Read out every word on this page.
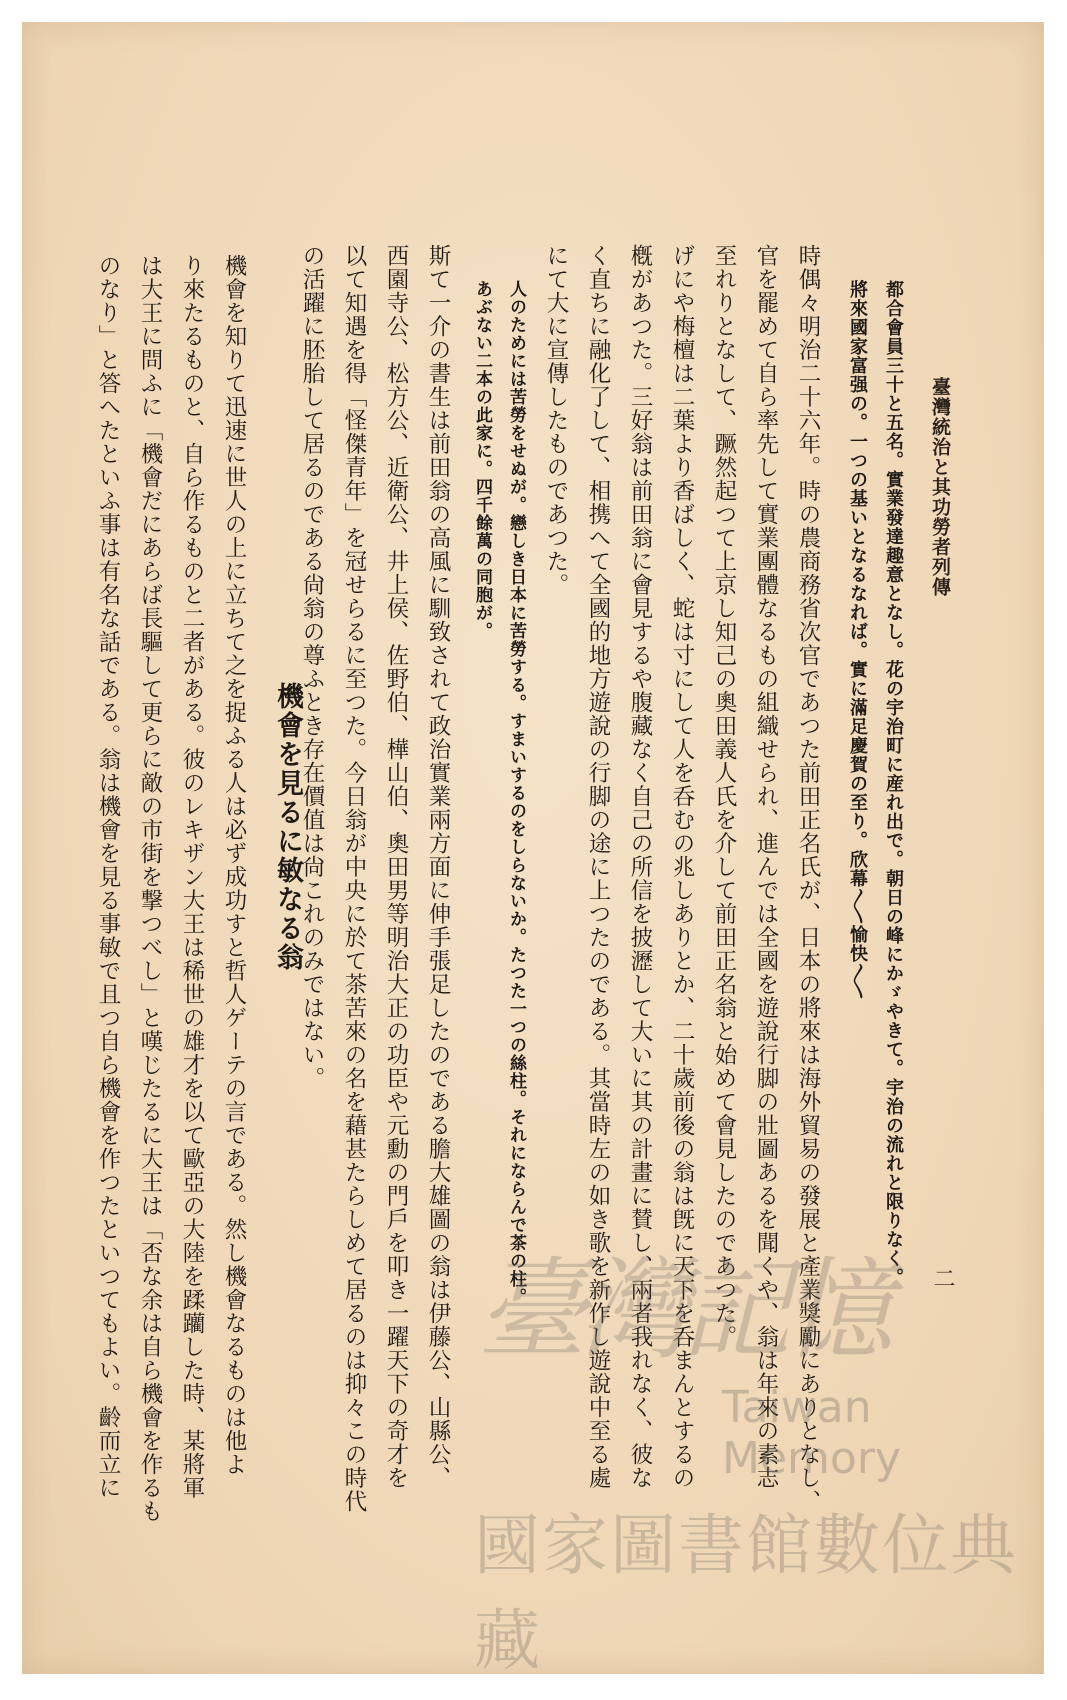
臺灣統治と其功勞者列傳
二
都合會員三十と五名。實業發達趣意となし。花の宇治町に産れ出で。朝日の峰にかゞやきて。宇治の流れと限りなく。
將來國家富强の。一つの基いとなるなれば。實に滿足慶賀の至り。欣幕〳〵愉快〳〵
時偶々明治二十六年。時の農商務省次官であつた前田正名氏が、日本の將來は海外貿易の發展と產業獎勵にありとなし、
官を罷めて自ら率先して實業團體なるもの組織せられ、進んでは全國を遊說行脚の壯圖あるを聞くや、翁は年來の素志
至れりとなして、蹶然起つて上京し知己の奧田義人氏を介して前田正名翁と始めて會見したのであつた。
げにや梅檀は二葉より香ばしく、蛇は寸にして人を呑むの兆しありとか、二十歲前後の翁は旣に天下を呑まんとするの
槪があつた。三好翁は前田翁に會見するや腹藏なく自己の所信を披瀝して大いに其の計畫に賛し、兩者我れなく、彼な
く直ちに融化了して、相携へて全國的地方遊說の行脚の途に上つたのである。其當時左の如き歌を新作し遊說中至る處
にて大に宣傳したものであつた。
人のためには苦勞をせぬが。戀しき日本に苦勞する。すまいするのをしらないか。たつた一つの絲柱。それにならんで茶の柱。
あぶない二本の此家に。四千餘萬の同胞が。
斯て一介の書生は前田翁の高風に馴致されて政治實業兩方面に伸手張足したのである膽大雄圖の翁は伊藤公、山縣公、
西園寺公、松方公、近衛公、井上侯、佐野伯、樺山伯、奧田男等明治大正の功臣や元勳の門戶を叩き一躍天下の奇才を
以て知遇を得「怪傑青年」を冠せらるに至つた。今日翁が中央に於て茶苦來の名を藉甚たらしめて居るのは抑々この時代
の活躍に胚胎して居るのである尙翁の尊ふとき存在價值は尙これのみではない。
機會を見るに敏なる翁
機會を知りて迅速に世人の上に立ちて之を捉ふる人は必ず成功すと哲人ゲーテの言である。然し機會なるものは他よ
り來たるものと、自ら作るものと二者がある。彼のレキザン大王は稀世の雄才を以て歐亞の大陸を蹂躪した時、某將軍
は大王に問ふに「機會だにあらば長驅して更らに敵の市街を撃つべし」と嘆じたるに大王は「否な余は自ら機會を作るも
のなり」と答へたといふ事は有名な話である。翁は機會を見る事敏で且つ自ら機會を作つたといつてもよい。齡而立に	臺灣記憶
Taiwan Memory
國家圖書館數位典藏
